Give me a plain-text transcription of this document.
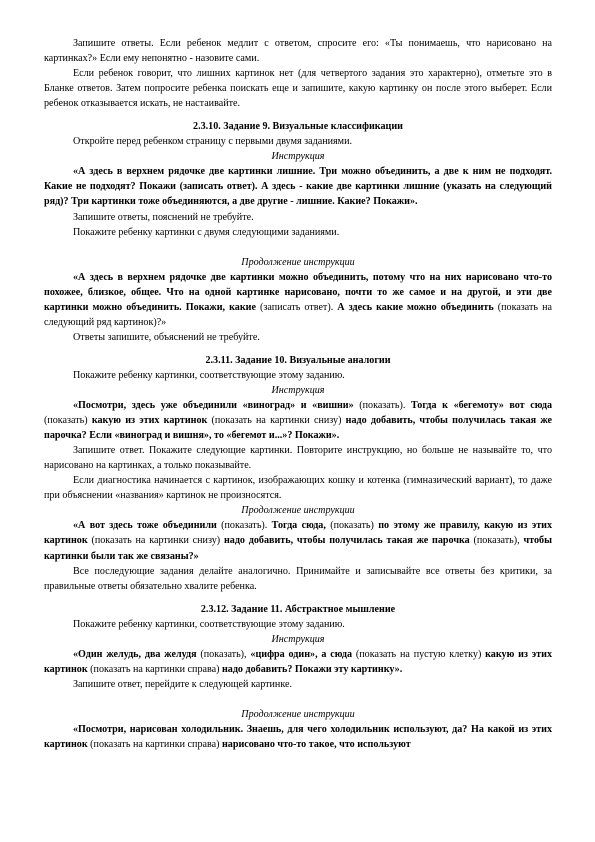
Запишите ответы. Если ребенок медлит с ответом, спросите его: «Ты понимаешь, что нарисовано на картинках?» Если ему непонятно - назовите сами.

Если ребенок говорит, что лишних картинок нет (для четвертого задания это характерно), отметьте это в Бланке ответов. Затем попросите ребенка поискать еще и запишите, какую картинку он после этого выберет. Если ребенок отказывается искать, не настаивайте.

2.3.10. Задание 9. Визуальные классификации

Откройте перед ребенком страницу с первыми двумя заданиями.

Инструкция

«А здесь в верхнем рядочке две картинки лишние. Три можно объединить, а две к ним не подходят. Какие не подходят? Покажи (записать ответ). А здесь - какие две картинки лишние (указать на следующий ряд)? Три картинки тоже объединяются, а две другие - лишние. Какие? Покажи».

Запишите ответы, пояснений не требуйте.

Покажите ребенку картинки с двумя следующими заданиями.

Продолжение инструкции

«А здесь в верхнем рядочке две картинки можно объединить, потому что на них нарисовано что-то похожее, близкое, общее. Что на одной картинке нарисовано, почти то же самое и на другой, и эти две картинки можно объединить. Покажи, какие (записать ответ). А здесь какие можно объединить (показать на следующий ряд картинок)?»

Ответы запишите, объяснений не требуйте.

2.3.11. Задание 10. Визуальные аналогии

Покажите ребенку картинки, соответствующие этому заданию.

Инструкция

«Посмотри, здесь уже объединили «виноград» и «вишни» (показать). Тогда к «бегемоту» вот сюда (показать) какую из этих картинок (показать на картинки снизу) надо добавить, чтобы получилась такая же парочка? Если «виноград и вишня», то «бегемот и...»? Покажи».

Запишите ответ. Покажите следующие картинки. Повторите инструкцию, но больше не называйте то, что нарисовано на картинках, а только показывайте.

Если диагностика начинается с картинок, изображающих кошку и котенка (гимназический вариант), то даже при объяснении «названия» картинок не произносятся.

Продолжение инструкции

«А вот здесь тоже объединили (показать). Тогда сюда, (показать) по этому же правилу, какую из этих картинок (показать на картинки снизу) надо добавить, чтобы получилась такая же парочка (показать), чтобы картинки были так же связаны?»

Все последующие задания делайте аналогично. Принимайте и записывайте все ответы без критики, за правильные ответы обязательно хвалите ребенка.

2.3.12. Задание 11. Абстрактное мышление

Покажите ребенку картинки, соответствующие этому заданию.

Инструкция

«Один желудь, два желудя (показать), «цифра один», а сюда (показать на пустую клетку) какую из этих картинок (показать на картинки справа) надо добавить? Покажи эту картинку».

Запишите ответ, перейдите к следующей картинке.

Продолжение инструкции

«Посмотри, нарисован холодильник. Знаешь, для чего холодильник используют, да? На какой из этих картинок (показать на картинки справа) нарисовано что-то такое, что используют
